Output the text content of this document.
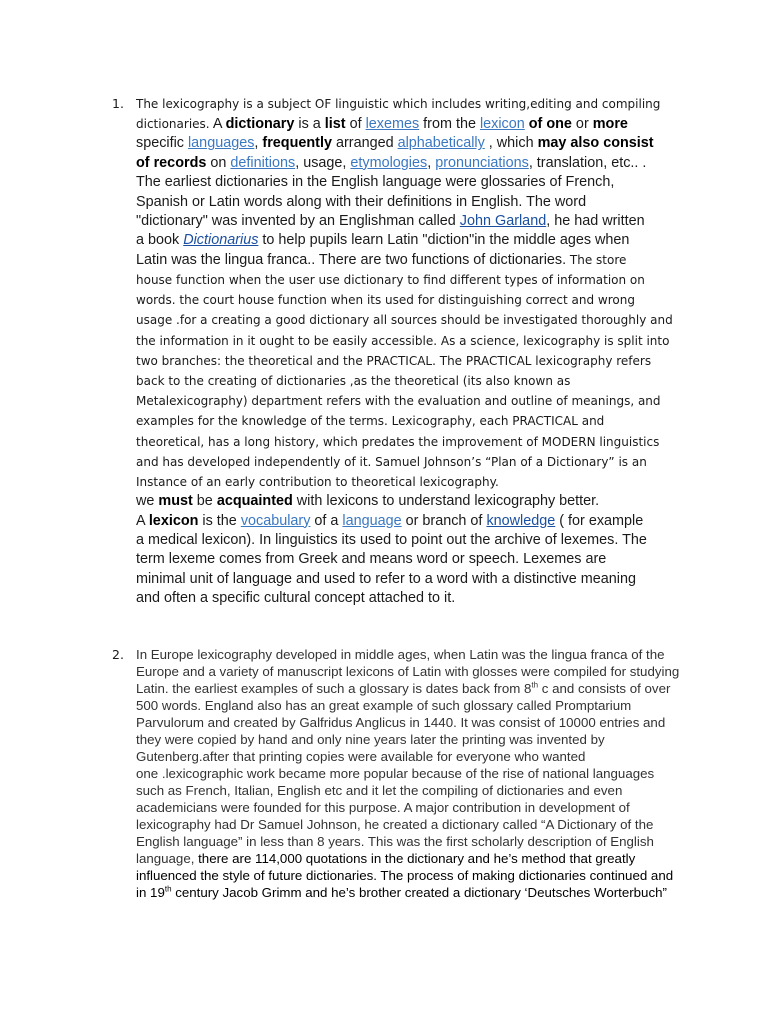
1. The lexicography is a subject OF linguistic which includes writing,editing and compiling
dictionaries. A dictionary is a list of lexemes from the lexicon of one or more
specific languages, frequently arranged alphabetically , which may also consist
of records on definitions, usage, etymologies, pronunciations, translation, etc.. .
The earliest dictionaries in the English language were glossaries of French,
Spanish or Latin words along with their definitions in English. The word
"dictionary" was invented by an Englishman called John Garland, he had written
a book Dictionarius to help pupils learn Latin "diction"in the middle ages when
Latin was the lingua franca.. There are two functions of dictionaries. The store
house function when the user use dictionary to find different types of information on
words. the court house function when its used for distinguishing correct and wrong
usage .for a creating a good dictionary all sources should be investigated thoroughly and
the information in it ought to be easily accessible. As a science, lexicography is split into
two branches: the theoretical and the PRACTICAL. The PRACTICAL lexicography refers
back to the creating of dictionaries ,as the theoretical (its also known as
Metalexicography) department refers with the evaluation and outline of meanings, and
examples for the knowledge of the terms. Lexicography, each PRACTICAL and
theoretical, has a long history, which predates the improvement of MODERN linguistics
and has developed independently of it. Samuel Johnson’s “Plan of a Dictionary” is an
Instance of an early contribution to theoretical lexicography.
we must be acquainted with lexicons to understand lexicography better.
A lexicon is the vocabulary of a language or branch of knowledge ( for example
a medical lexicon). In linguistics its used to point out the archive of lexemes. The
term lexeme comes from Greek and means word or speech. Lexemes are
minimal unit of language and used to refer to a word with a distinctive meaning
and often a specific cultural concept attached to it.
2. In Europe lexicography developed in middle ages, when Latin was the lingua franca of the
Europe and a variety of manuscript lexicons of Latin with glosses were compiled for studying
Latin. the earliest examples of such a glossary is dates back from 8th c and consists of over
500 words. England also has an great example of such glossary called Promptarium
Parvulorum and created by Galfridus Anglicus in 1440. It was consist of 10000 entries and
they were copied by hand and only nine years later the printing was invented by
Gutenberg.after that printing copies were available for everyone who wanted
one .lexicographic work became more popular because of the rise of national languages
such as French, Italian, English etc and it let the compiling of dictionaries and even
academicians were founded for this purpose. A major contribution in development of
lexicography had Dr Samuel Johnson, he created a dictionary called “A Dictionary of the
English language” in less than 8 years. This was the first scholarly description of English
language, there are 114,000 quotations in the dictionary and he’s method that greatly
influenced the style of future dictionaries. The process of making dictionaries continued and
in 19th century Jacob Grimm and he’s brother created a dictionary ‘Deutsches Worterbuch”
